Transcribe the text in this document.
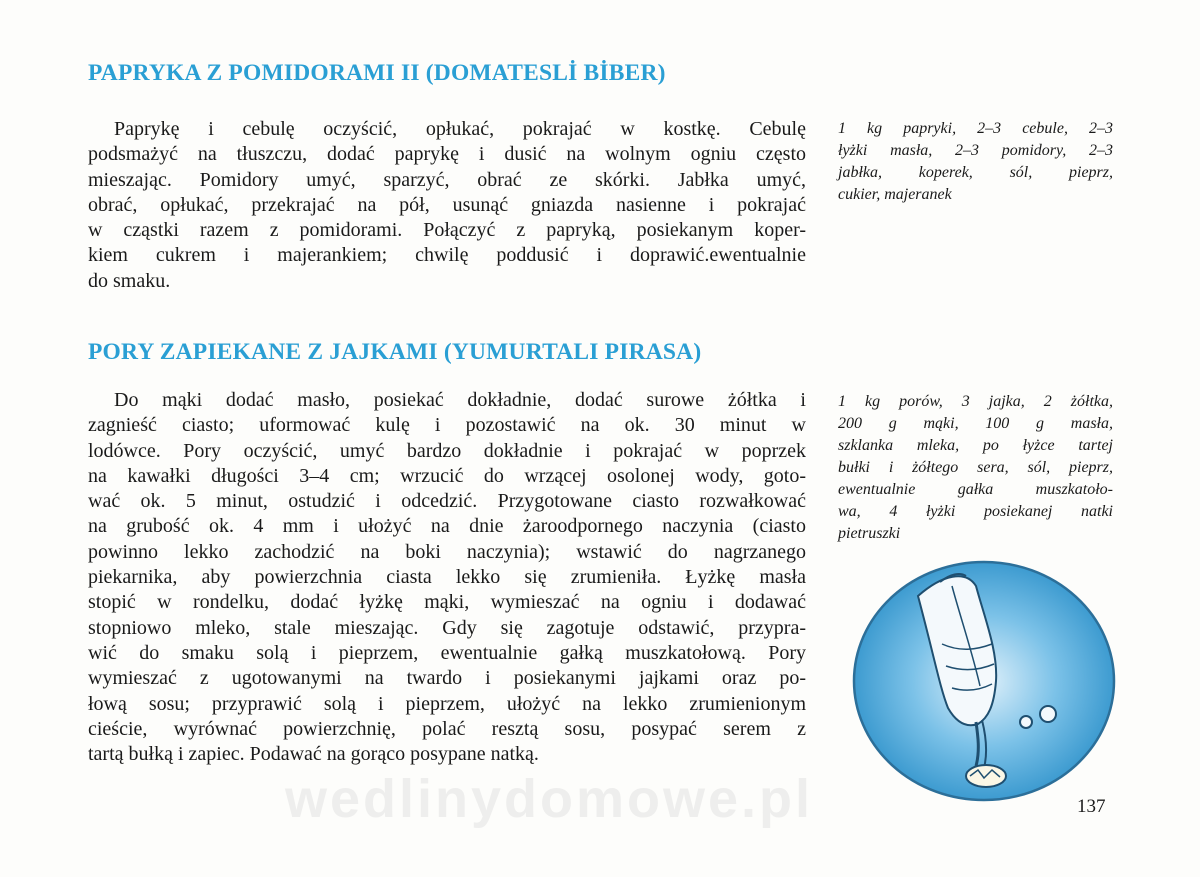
PAPRYKA Z POMIDORAMI II (DOMATESLİ BİBER)
Paprykę i cebulę oczyścić, opłukać, pokrajać w kostkę. Cebulę
podsmażyć na tłuszczu, dodać paprykę i dusić na wolnym ogniu często
mieszając. Pomidory umyć, sparzyć, obrać ze skórki. Jabłka umyć,
obrać, opłukać, przekrajać na pół, usunąć gniazda nasienne i pokrajać
w cząstki razem z pomidorami. Połączyć z papryką, posiekanym koper-
kiem cukrem i majerankiem; chwilę poddusić i doprawić.ewentualnie
do smaku.
1 kg papryki, 2–3 cebule, 2–3
łyżki masła, 2–3 pomidory, 2–3
jabłka, koperek, sól, pieprz,
cukier, majeranek
PORY ZAPIEKANE Z JAJKAMI (YUMURTALI PIRASA)
Do mąki dodać masło, posiekać dokładnie, dodać surowe żółtka i
zagnieść ciasto; uformować kulę i pozostawić na ok. 30 minut w
lodówce. Pory oczyścić, umyć bardzo dokładnie i pokrajać w poprzek
na kawałki długości 3–4 cm; wrzucić do wrzącej osolonej wody, goto-
wać ok. 5 minut, ostudzić i odcedzić. Przygotowane ciasto rozwałkować
na grubość ok. 4 mm i ułożyć na dnie żaroodpornego naczynia (ciasto
powinno lekko zachodzić na boki naczynia); wstawić do nagrzanego
piekarnika, aby powierzchnia ciasta lekko się zrumieniła. Łyżkę masła
stopić w rondelku, dodać łyżkę mąki, wymieszać na ogniu i dodawać
stopniowo mleko, stale mieszając. Gdy się zagotuje odstawić, przypra-
wić do smaku solą i pieprzem, ewentualnie gałką muszkatołową. Pory
wymieszać z ugotowanymi na twardo i posiekanymi jajkami oraz po-
łową sosu; przyprawić solą i pieprzem, ułożyć na lekko zrumienionym
cieście, wyrównać powierzchnię, polać resztą sosu, posypać serem z
tartą bułką i zapiec. Podawać na gorąco posypane natką.
1 kg porów, 3 jajka, 2 żółtka,
200 g mąki, 100 g masła,
szklanka mleka, po łyżce tartej
bułki i żółtego sera, sól, pieprz,
ewentualnie gałka muszkatoło-
wa, 4 łyżki posiekanej natki
pietruszki
137
wedlinydomowe.pl
